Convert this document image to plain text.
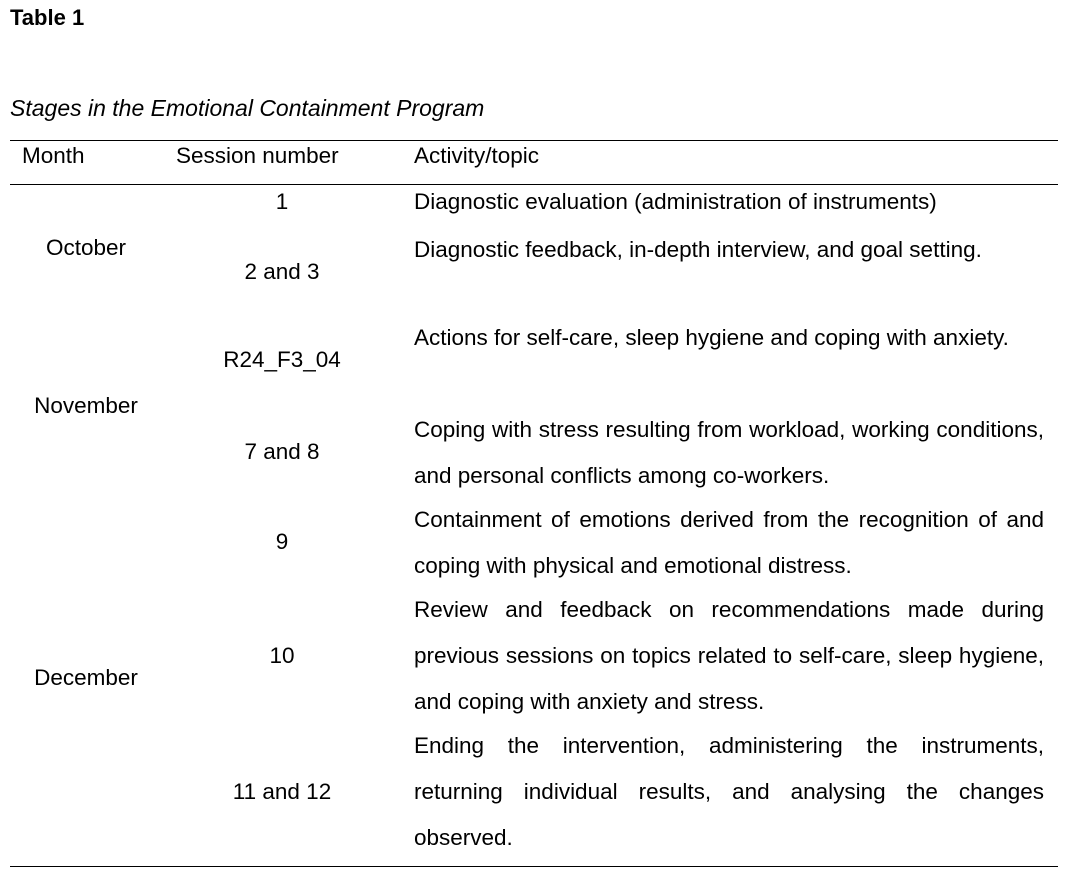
Table 1
Stages in the Emotional Containment Program
Month	Session number	Activity/topic
October
November
December
1
2 and 3
R24_F3_04
7 and 8
9
10
11 and 12
Diagnostic evaluation (administration of instruments)
Diagnostic feedback, in-depth interview, and goal setting.
Actions for self-care, sleep hygiene and coping with anxiety.
Coping with stress resulting from workload, working conditions, and personal conflicts among co-workers.
Containment of emotions derived from the recognition of and coping with physical and emotional distress.
Review and feedback on recommendations made during previous sessions on topics related to self-care, sleep hygiene, and coping with anxiety and stress.
Ending the intervention, administering the instruments, returning individual results, and analysing the changes observed.
